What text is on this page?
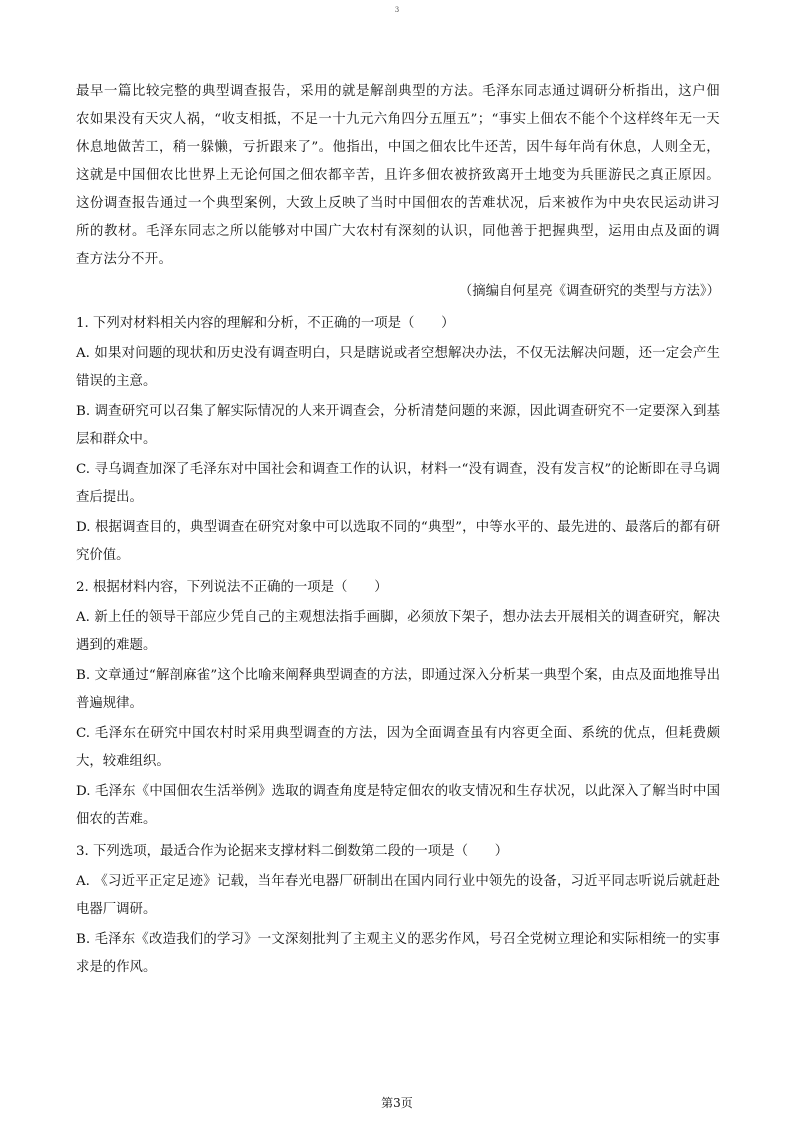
3

最早一篇比较完整的典型调查报告，采用的就是解剖典型的方法。毛泽东同志通过调研分析指出，这户佃农如果没有天灾人祸，“收支相抵，不足一十九元六角四分五厘五”；“事实上佃农不能个个这样终年无一天休息地做苦工，稍一躲懒，亏折跟来了”。他指出，中国之佃农比牛还苦，因牛每年尚有休息，人则全无，这就是中国佃农比世界上无论何国之佃农都辛苦，且许多佃农被挤致离开土地变为兵匪游民之真正原因。这份调查报告通过一个典型案例，大致上反映了当时中国佃农的苦难状况，后来被作为中央农民运动讲习所的教材。毛泽东同志之所以能够对中国广大农村有深刻的认识，同他善于把握典型，运用由点及面的调查方法分不开。

（摘编自何星亮《调查研究的类型与方法》）

1. 下列对材料相关内容的理解和分析，不正确的一项是（　　）

A. 如果对问题的现状和历史没有调查明白，只是瞎说或者空想解决办法，不仅无法解决问题，还一定会产生错误的主意。

B. 调查研究可以召集了解实际情况的人来开调查会，分析清楚问题的来源，因此调查研究不一定要深入到基层和群众中。

C. 寻乌调查加深了毛泽东对中国社会和调查工作的认识，材料一“没有调查，没有发言权”的论断即在寻乌调查后提出。

D. 根据调查目的，典型调查在研究对象中可以选取不同的“典型”，中等水平的、最先进的、最落后的都有研究价值。

2. 根据材料内容，下列说法不正确的一项是（　　）

A. 新上任的领导干部应少凭自己的主观想法指手画脚，必须放下架子，想办法去开展相关的调查研究，解决遇到的难题。

B. 文章通过“解剖麻雀”这个比喻来阐释典型调查的方法，即通过深入分析某一典型个案，由点及面地推导出普遍规律。

C. 毛泽东在研究中国农村时采用典型调查的方法，因为全面调查虽有内容更全面、系统的优点，但耗费颇大，较难组织。

D. 毛泽东《中国佃农生活举例》选取的调查角度是特定佃农的收支情况和生存状况，以此深入了解当时中国佃农的苦难。

3. 下列选项，最适合作为论据来支撑材料二倒数第二段的一项是（　　）

A. 《习近平正定足迹》记载，当年春光电器厂研制出在国内同行业中领先的设备，习近平同志听说后就赶赴电器厂调研。

B. 毛泽东《改造我们的学习》一文深刻批判了主观主义的恶劣作风，号召全党树立理论和实际相统一的实事求是的作风。

第3页
